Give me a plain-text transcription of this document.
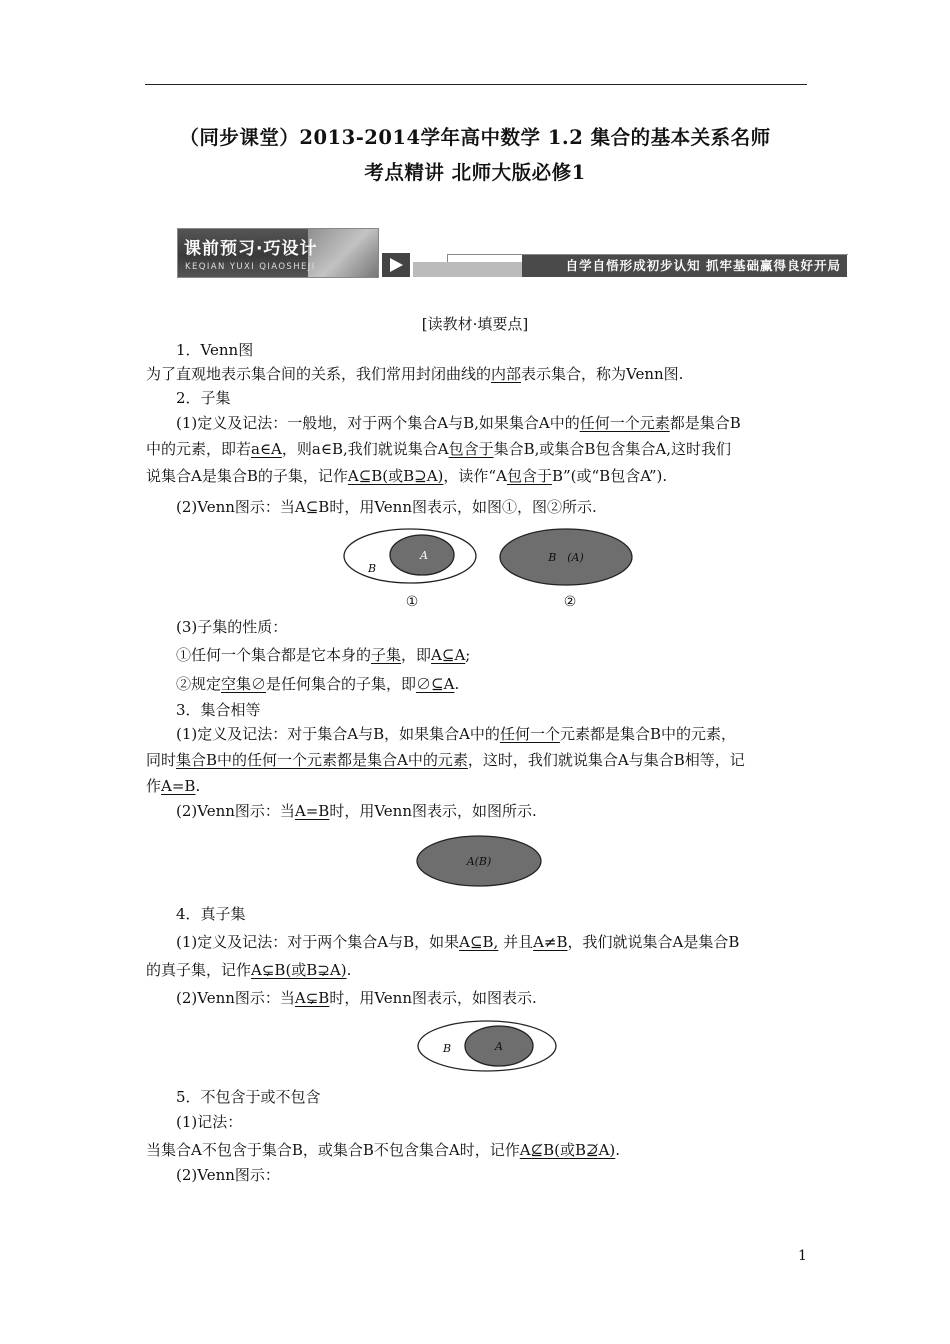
（同步课堂）2013-2014学年高中数学 1.2 集合的基本关系名师
考点精讲 北师大版必修1
课前预习·巧设计
KEQIAN YUXI QIAOSHEJI	自学自悟形成初步认知 抓牢基础赢得良好开局
[读教材·填要点]
1．Venn图
为了直观地表示集合间的关系，我们常用封闭曲线的内部表示集合，称为Venn图.
2．子集
(1)定义及记法：一般地，对于两个集合A与B,如果集合A中的任何一个元素都是集合B
中的元素，即若a∈A，则a∈B,我们就说集合A包含于集合B,或集合B包含集合A,这时我们
说集合A是集合B的子集，记作A⊆B(或B⊇A)，读作“A包含于B”(或“B包含A”).
(2)Venn图示：当A⊆B时，用Venn图表示，如图①，图②所示.
A
B
①
B　(A)
②
(3)子集的性质：
①任何一个集合都是它本身的子集，即A⊆A;
②规定空集∅是任何集合的子集，即∅⊆A.
3．集合相等
(1)定义及记法：对于集合A与B，如果集合A中的任何一个元素都是集合B中的元素，
同时集合B中的任何一个元素都是集合A中的元素，这时，我们就说集合A与集合B相等，记
作A=B.
(2)Venn图示：当A=B时，用Venn图表示，如图所示.
A(B)
4．真子集
(1)定义及记法：对于两个集合A与B，如果A⊆B, 并且A≠B，我们就说集合A是集合B
的真子集，记作A⊊B(或B⊋A).
(2)Venn图示：当A⊊B时，用Venn图表示，如图表示.
B	A
5．不包含于或不包含
(1)记法：
当集合A不包含于集合B，或集合B不包含集合A时，记作A⊈B(或B⊉A).
(2)Venn图示：
1
